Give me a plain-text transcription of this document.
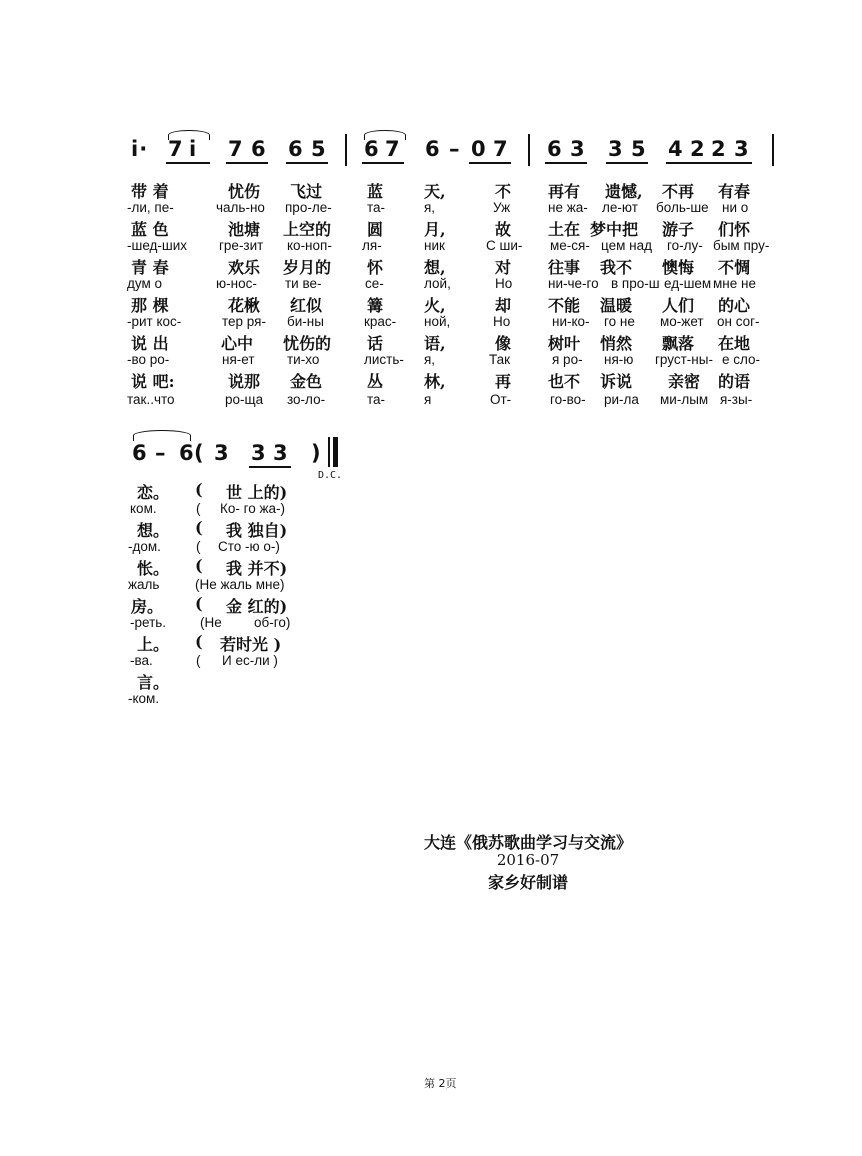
i· 7 i 7 6 6 5 6 7 6 – 0 7 6 3 3 5 4 2 2 3
带 着	忧伤 飞过	蓝	天,	不 再有 遗憾, 不再 有春
-ли, пе-	чаль-но про-ле-	та-	я,	Уж	не жа- ле-ют боль-ше ни о
蓝 色	池塘 上空的 圆	月,	故 土在 梦中把 游子 们怀
-шед-ших гре-зит ко-ноп- ля-	ник	С ши- ме-ся- цем над го-лу- бым пру-
青 春	欢乐 岁月的 怀	想,	对 往事 我不 懊悔 不惆
дум о	ю-нос- ти ве-	се-	лой,	Но	ни-че-го в про-ш ед-шем мне не
那 棵	花楸 红似	篝	火,	却 不能 温暖 人们 的心
-рит кос-	тер ря- би-ны	крас- ной,	Но	ни-ко- го не мо-жет он сог-
说 出	心中 忧伤的 话	语,	像 树叶 悄然 飘落 在地
-во ро-	ня-ет ти-хо	листь- я,	Так	я ро- ня-ю груст-ны- е сло-
说 吧:	说那 金色	丛	林,	再 也不 诉说 亲密 的语
так..что	ро-ща зо-ло-	та-	я	От-	го-во- ри-ла ми-лым я-зы-
6 – 6 ( 3 3 3 )
D.C.
恋。 ( 世 上的)
ком.	( Ко- го жа-)
想。 ( 我 独自)
-дом.	( Сто -ю о-)
怅。 ( 我 并不)
жаль	(Не жаль мне)
房。 ( 金 红的)
-реть.	(Не об-го)
上。 ( 若时光 )
-ва.	( И ес-ли )
言。
-ком.
大连《俄苏歌曲学习与交流》
2016-07
家乡好制谱
第 2页
